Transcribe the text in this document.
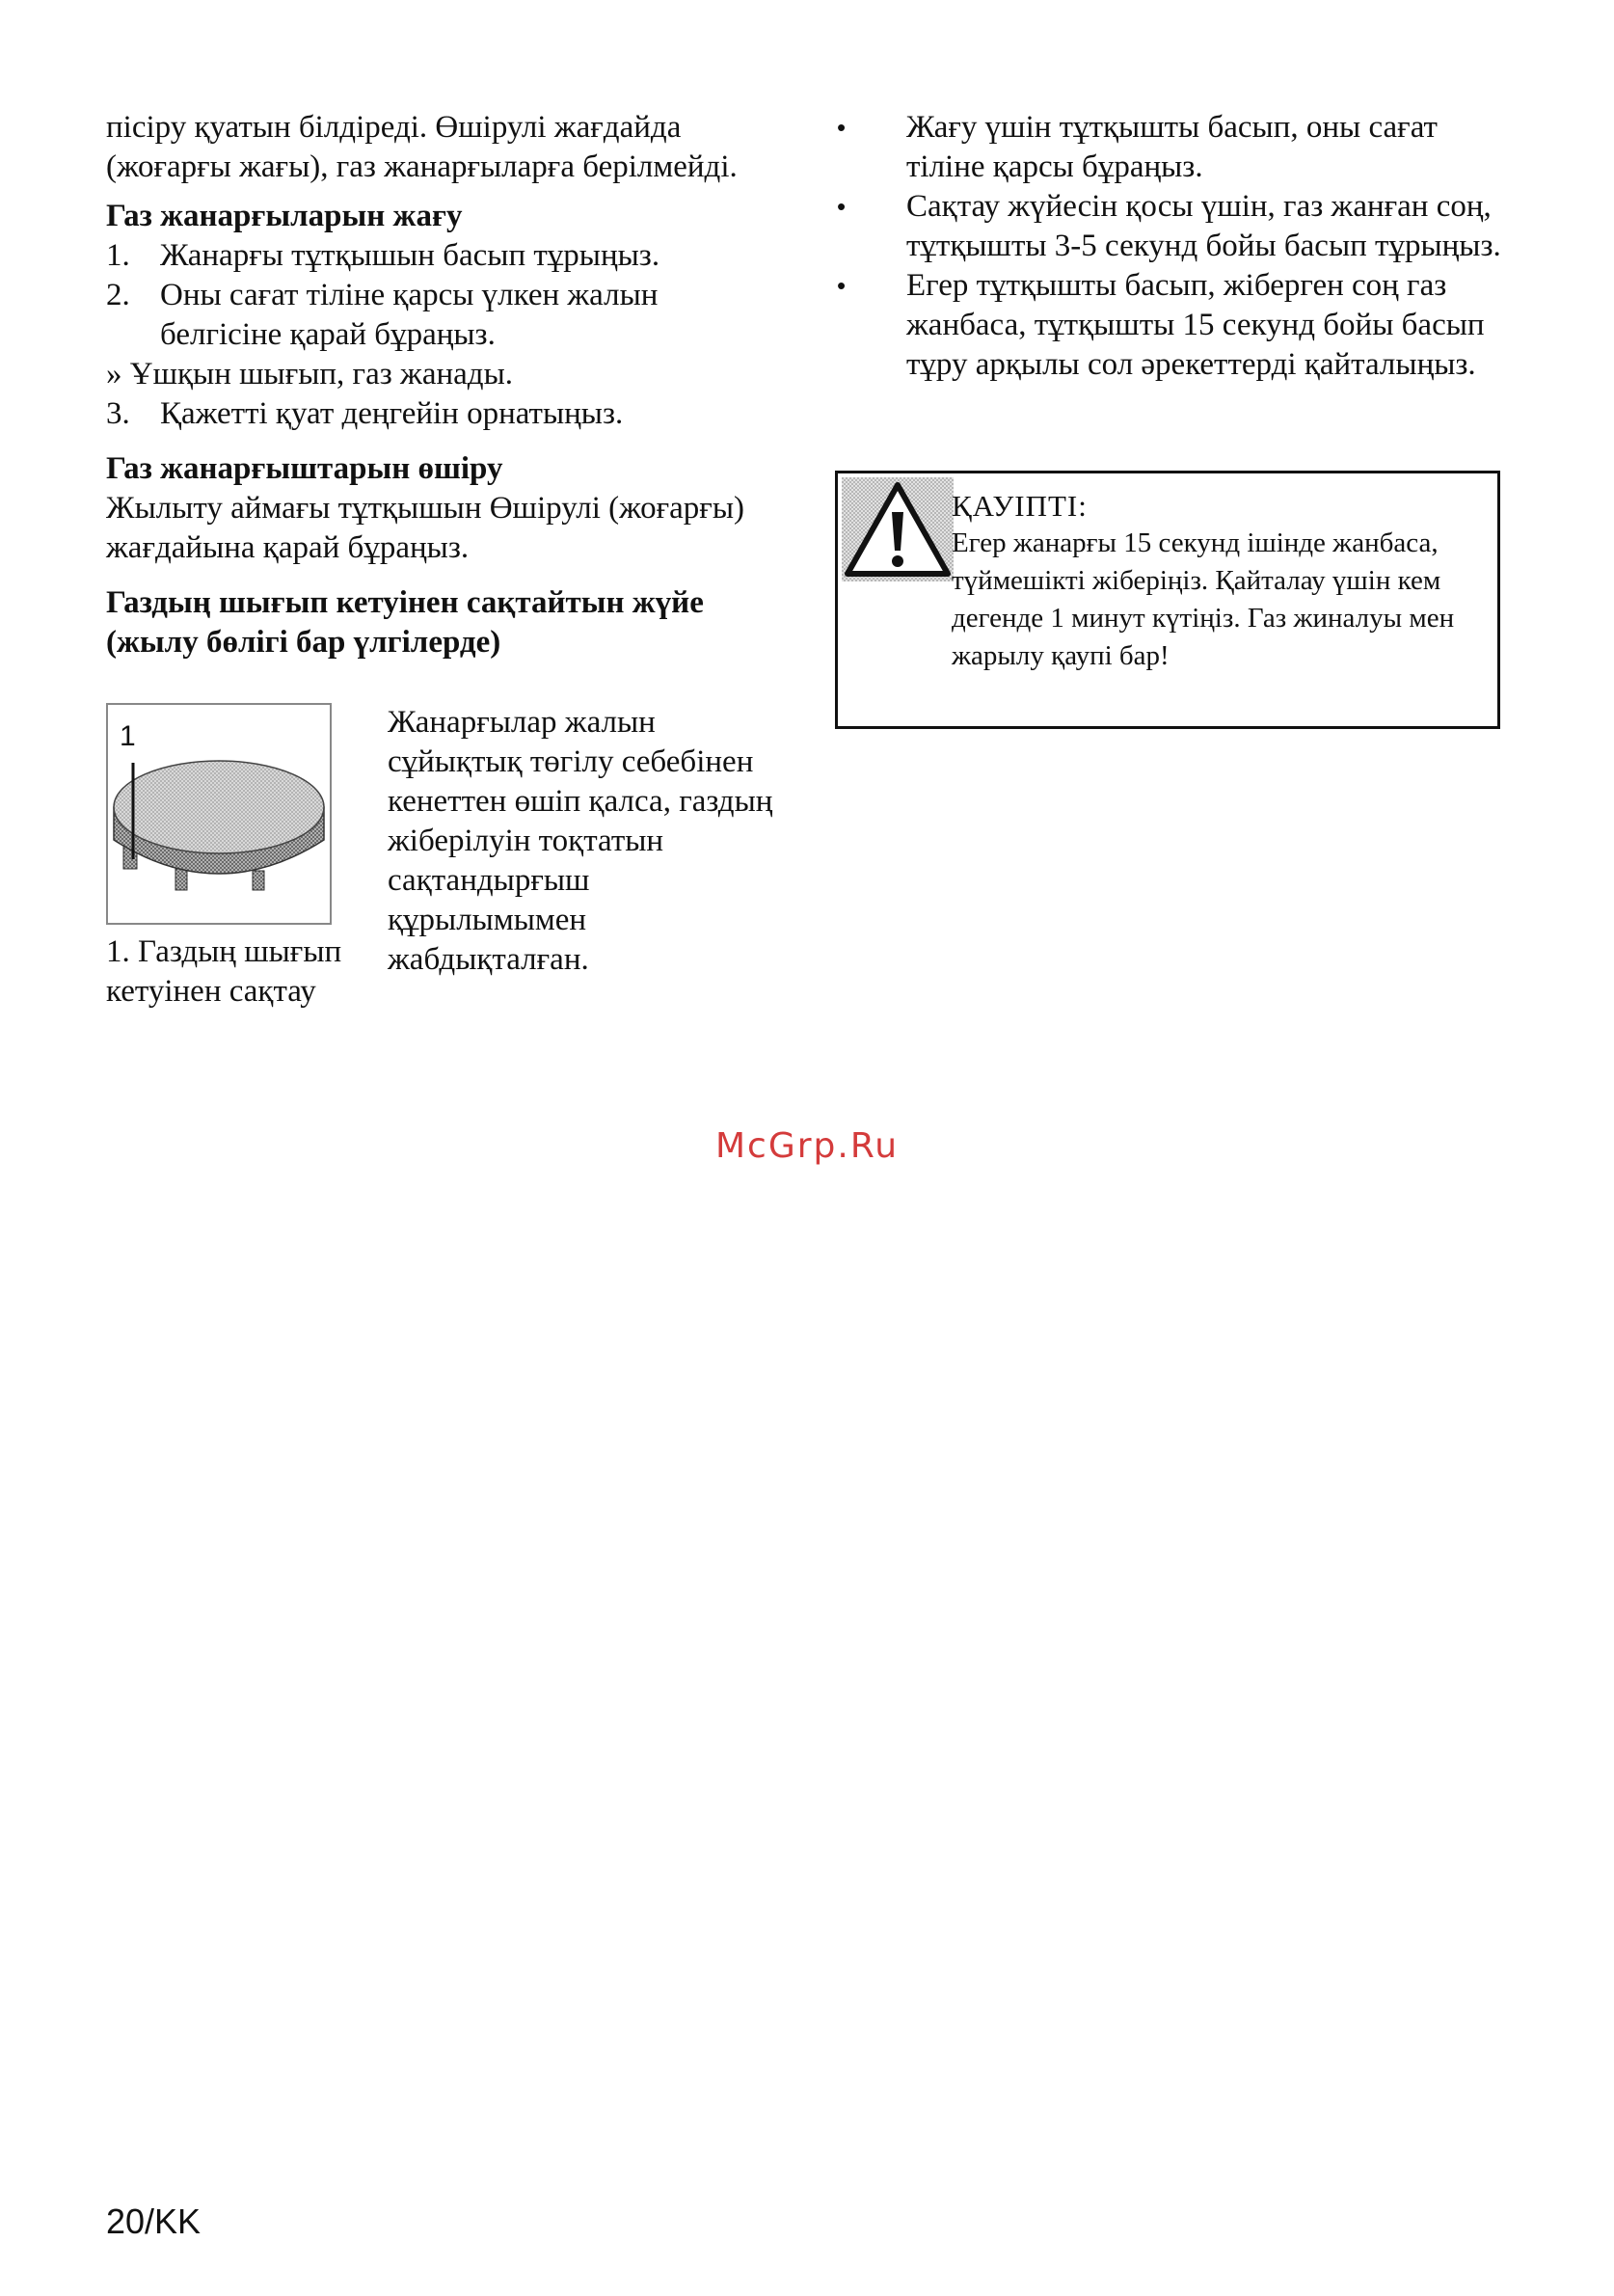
пісіру қуатын білдіреді. Өшірулі жағдайда (жоғарғы жағы), газ жанарғыларға берілмейді.

Газ жанарғыларын жағу
1. Жанарғы тұтқышын басып тұрыңыз.
2. Оны сағат тіліне қарсы үлкен жалын белгісіне қарай бұраңыз.

» Ұшқын шығып, газ жанады.

3. Қажетті қуат деңгейін орнатыңыз.
Газ жанарғыштарын өшіру

Жылыту аймағы тұтқышын Өшірулі (жоғарғы) жағдайына қарай бұраңыз.

Газдың шығып кетуінен сақтайтын жүйе (жылу бөлігі бар үлгілерде)
1

1. Газдың шығып кетуінен сақтау

Жанарғылар жалын сұйықтық төгілу себебінен кенеттен өшіп қалса, газдың жіберілуін тоқтатын сақтандырғыш құрылымымен жабдықталған.

• Жағу үшін тұтқышты басып, оны сағат тіліне қарсы бұраңыз.
• Сақтау жүйесін қосы үшін, газ жанған соң, тұтқышты 3-5 секунд бойы басып тұрыңыз.
• Егер тұтқышты басып, жіберген соң газ жанбаса, тұтқышты 15 секунд бойы басып тұру арқылы сол әрекеттерді қайталыңыз.
ҚАУІПТІ:
Егер жанарғы 15 секунд ішінде жанбаса, түймешікті жіберіңіз. Қайталау үшін кем дегенде 1 минут күтіңіз. Газ жиналуы мен жарылу қаупі бар!
McGrp.Ru
20/KK
